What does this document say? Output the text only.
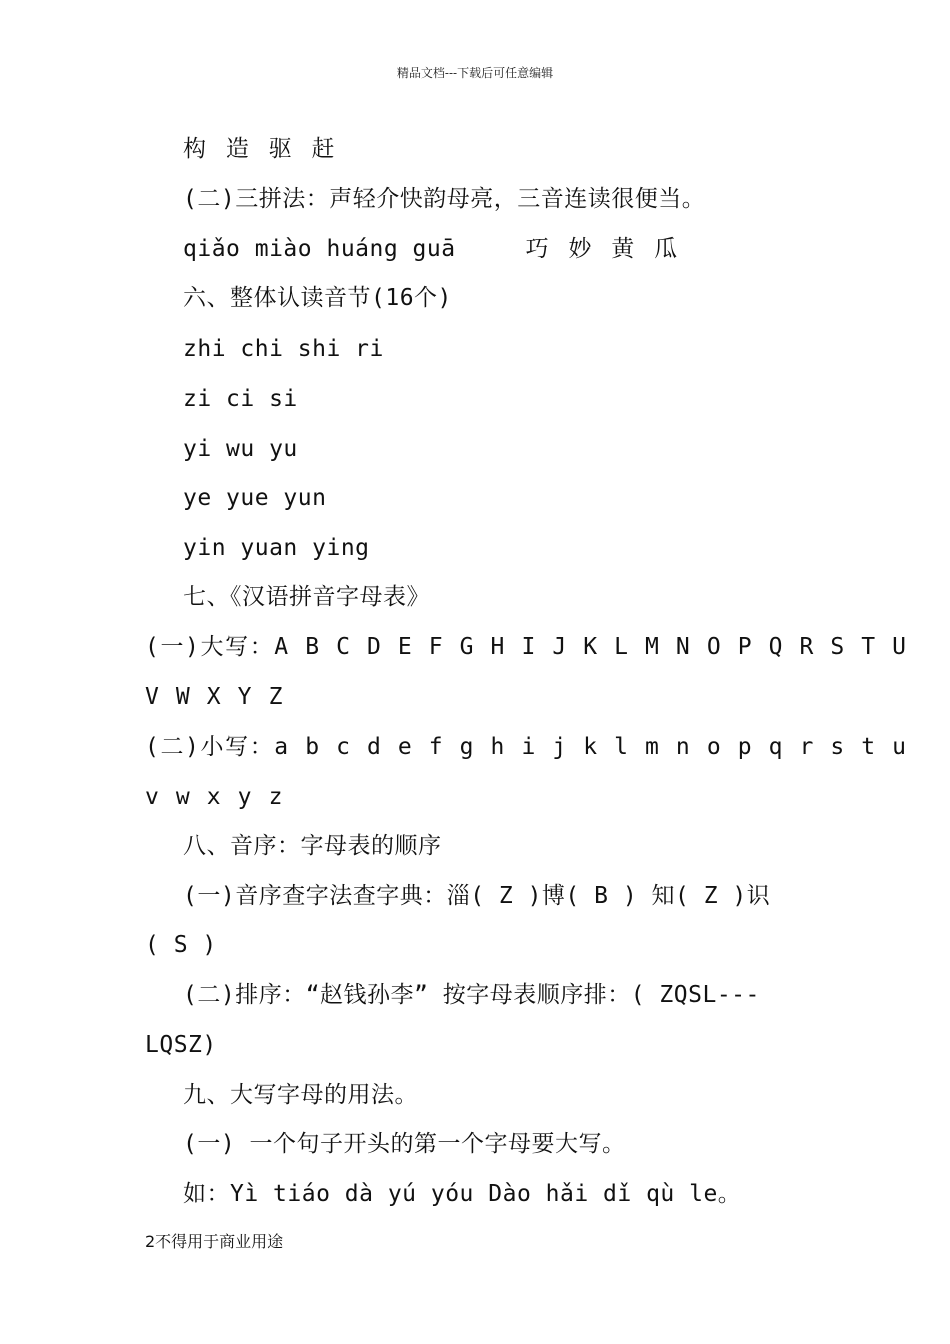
精品文档---下载后可任意编辑
构 造 驱 赶
(二)三拼法：声轻介快韵母亮，三音连读很便当。
qiǎo miào huáng guā	巧 妙 黄 瓜
六、整体认读音节(16个)
zhi chi shi ri
zi ci si
yi wu yu
ye yue yun
yin yuan ying
七、《汉语拼音字母表》
(一)大写：A B C D E F G H I J K L M N O P Q R S T U
V W X Y Z
(二)小写：a b c d e f g h i j k l m n o p q r s t u
v w x y z
八、音序：字母表的顺序
(一)音序查字法查字典：淄( Z )博( B ) 知( Z )识
( S )
(二)排序：“赵钱孙李” 按字母表顺序排：( ZQSL---
LQSZ)
九、大写字母的用法。
(一) 一个句子开头的第一个字母要大写。
如：Yì tiáo dà yú yóu Dào hǎi dǐ qù le。
2不得用于商业用途
